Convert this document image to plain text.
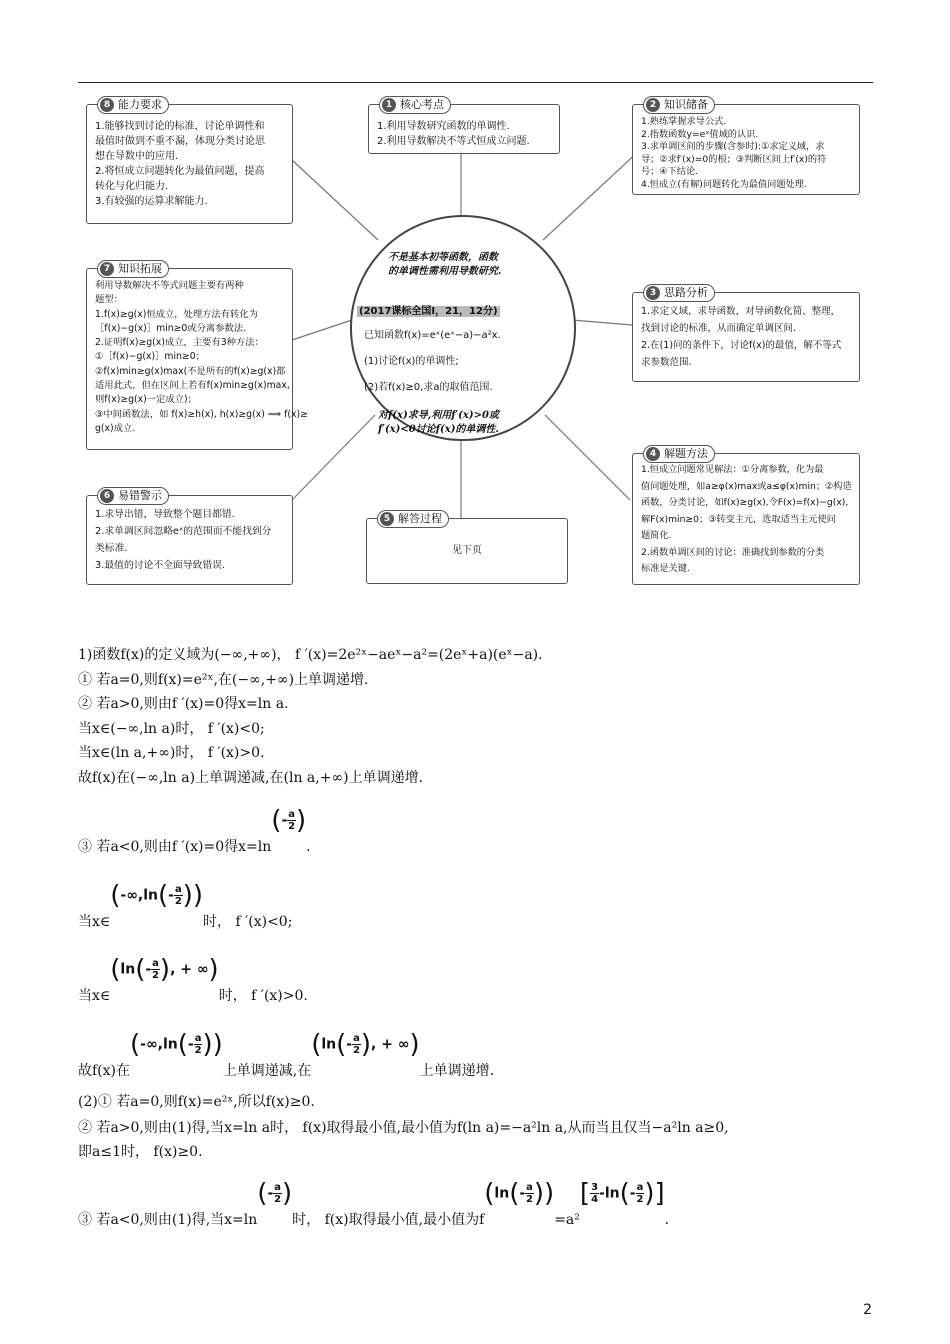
8 能力要求
1.能够找到讨论的标准，讨论单调性和
最值时做到不重不漏，体现分类讨论思
想在导数中的应用.
2.将恒成立问题转化为最值问题，提高
转化与化归能力.
3.有较强的运算求解能力.
1 核心考点
1.利用导数研究函数的单调性.
2.利用导数解决不等式恒成立问题.
2 知识储备
1.熟练掌握求导公式.
2.指数函数y=eˣ值域的认识.
3.求单调区间的步骤(含参时):①求定义域，求
导；②求f′(x)=0的根；③判断区间上f′(x)的符
号；④下结论.
4.恒成立(有解)问题转化为最值问题处理.
7 知识拓展
利用导数解决不等式问题主要有两种
题型：
1.f(x)≥g(x)恒成立，处理方法有转化为
［f(x)−g(x)］min≥0或分离参数法.
2.证明f(x)≥g(x)成立，主要有3种方法：
①［f(x)−g(x)］min≥0；
②f(x)min≥g(x)max(不是所有的f(x)≥g(x)都
适用此式，但在区间上若有f(x)min≥g(x)max,
则f(x)≥g(x)一定成立)；
③中间函数法，如 f(x)≥h(x), h(x)≥g(x) ⟹ f(x)≥
g(x)成立.
不是基本初等函数，函数
的单调性需利用导数研究.
(2017课标全国Ⅰ，21，12分)
已知函数f(x)=eˣ(eˣ−a)−a²x.
(1)讨论f(x)的单调性;
(2)若f(x)≥0,求a的取值范围.
对f(x)求导,利用f′(x)>0或
f′(x)<0讨论f(x)的单调性.
3 思路分析
1.求定义域，求导函数，对导函数化简、整理，
找到讨论的标准，从而确定单调区间.
2.在(1)问的条件下，讨论f(x)的最值，解不等式
求参数范围.
4 解题方法
1.恒成立问题常见解法：①分离参数，化为最
值问题处理，如a≥φ(x)max或a≤φ(x)min；②构造
函数，分类讨论，如f(x)≥g(x),令F(x)=f(x)−g(x),
解F(x)min≥0；③转变主元，选取适当主元使问
题简化.
2.函数单调区间的讨论：准确找到参数的分类
标准是关键.
6 易错警示
1.求导出错，导致整个题目都错.
2.求单调区间忽略eˣ的范围而不能找到分
类标准.
3.最值的讨论不全面导致错误.
5 解答过程
见下页
1)函数f(x)的定义域为(−∞,+∞)， f ′(x)=2e²ˣ−aeˣ−a²=(2eˣ+a)(eˣ−a).
① 若a=0,则f(x)=e²ˣ,在(−∞,+∞)上单调递增.
② 若a>0,则由f ′(x)=0得x=ln a.
当x∈(−∞,ln a)时， f ′(x)<0;
当x∈(ln a,+∞)时， f ′(x)>0.
故f(x)在(−∞,ln a)上单调递减,在(ln a,+∞)上单调递增.
③ 若a<0,则由f ′(x)=0得$x=\ln(- \frac{a}{2}$ ).
当x∈(-∞,ln(- $\frac{a}{2}$ ))时， f ′(x)<0;
当x∈(ln(- $\frac{a}{2}$ ), + ∞)时， f ′(x)>0.
故f(x)在($-\infty,\ln(- \frac{a}{2}$ ))上单调递减,在($\ln(- \frac{a}{2}$ ), + ∞)上单调递增.
(2)① 若a=0,则f(x)=e²ˣ,所以f(x)≥0.
② 若a>0,则由(1)得,当x=ln a时， f(x)取得最小值,最小值为f(ln a)=−a²ln a,从而当且仅当−a²ln a≥0,
即a≤1时， f(x)≥0.
③ 若a<0,则由(1)得,当$x=\ln(- \frac{a}{2}$ )时， f(x)取得最小值,最小值为$f(\ln(- \frac{a}{2} ))=a^2[ \frac{3}{4} -\ln(- \frac{a}{2}$ )].
2
